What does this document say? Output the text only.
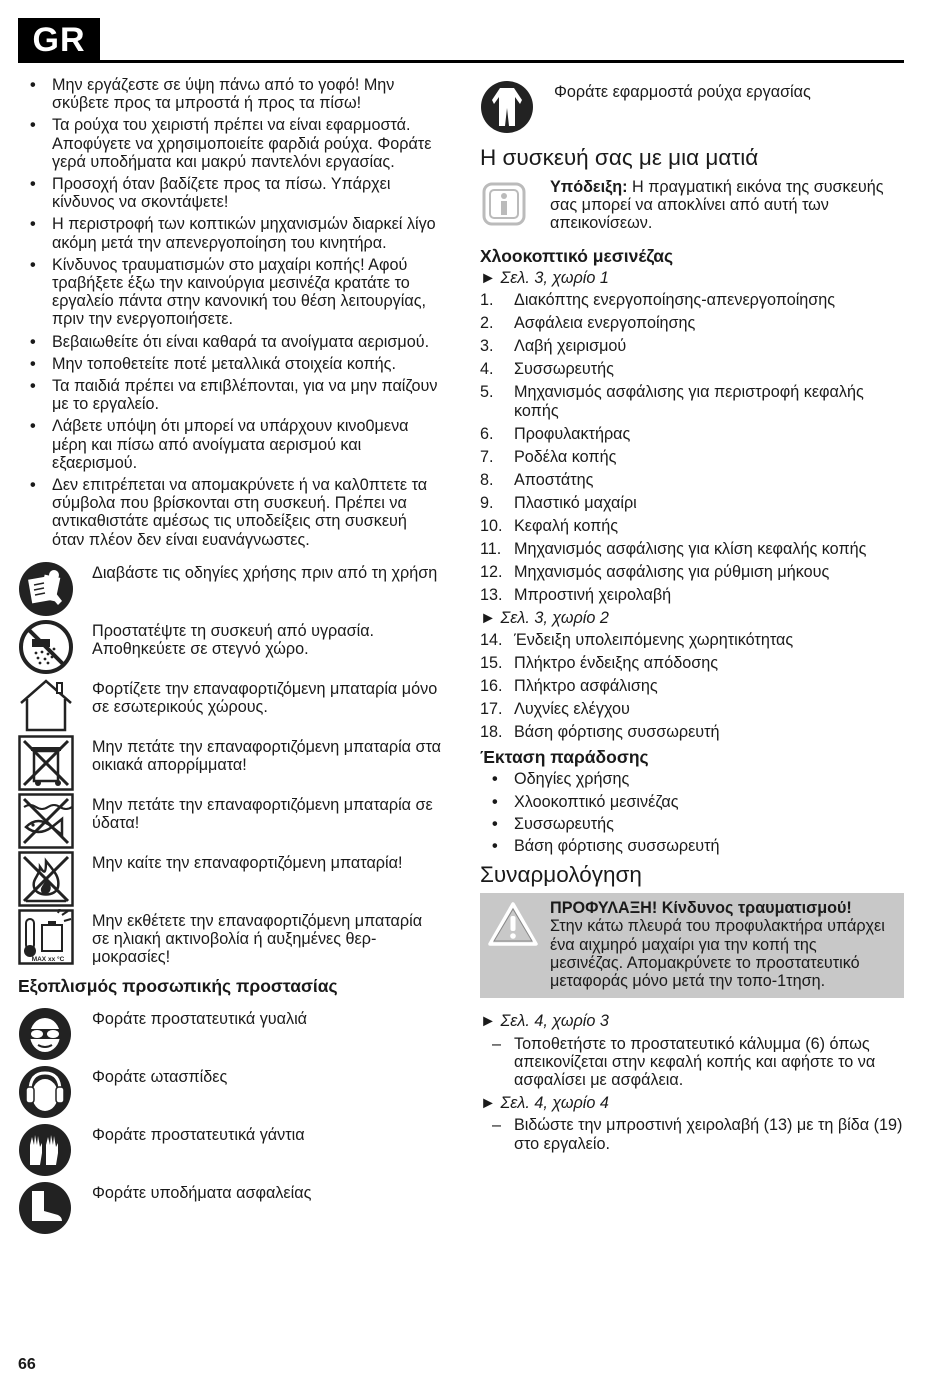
GR
• Μην εργάζεστε σε ύψη πάνω από το γοφό! Μην σκύβετε προς τα μπροστά ή προς τα πίσω!
• Τα ρούχα του χειριστή πρέπει να είναι εφαρμοστά. Αποφύγετε να χρησιμοποιείτε φαρδιά ρούχα. Φοράτε γερά υποδήματα και μακρύ παντελόνι εργασίας.
• Προσοχή όταν βαδίζετε προς τα πίσω. Υπάρχει κίνδυνος να σκοντάψετε!
• Η περιστροφή των κοπτικών μηχανισμών διαρκεί λίγο ακόμη μετά την απενεργοποίηση του κινητήρα.
• Κίνδυνος τραυματισμών στο μαχαίρι κοπής! Αφού τραβήξετε έξω την καινούργια μεσινέζα κρατάτε το εργαλείο πάντα στην κανονική του θέση λειτουργίας, πριν την ενεργοποιήσετε.
• Βεβαιωθείτε ότι είναι καθαρά τα ανοίγματα αερισμού.
• Μην τοποθετείτε ποτέ μεταλλικά στοιχεία κοπής.
• Τα παιδιά πρέπει να επιβλέπονται, για να μην παίζουν με το εργαλείο.
• Λάβετε υπόψη ότι μπορεί να υπάρχουν κινο0μενα μέρη και πίσω από ανοίγματα αερισμού και εξαερισμού.
• Δεν επιτρέπεται να απομακρύνετε ή να καλ0πτετε τα σύμβολα που βρίσκονται στη συσκευή. Πρέπει να αντικαθιστάτε αμέσως τις υποδείξεις στη συσκευή όταν πλέον δεν είναι ευανάγνωστες.
Διαβάστε τις οδηγίες χρήσης πριν από τη χρήση
Προστατέψτε τη συσκευή από υγρασία. Αποθηκεύετε σε στεγνό χώρο.
Φορτίζετε την επαναφορτιζόμενη μπαταρία μόνο σε εσωτερικούς χώρους.
Μην πετάτε την επαναφορτιζόμενη μπαταρία στα οικιακά απορρίμματα!
Μην πετάτε την επαναφορτιζόμενη μπαταρία σε ύδατα!
Μην καίτε την επαναφορτιζόμενη μπαταρία!
MAX xx °C
Μην εκθέτετε την επαναφορτιζόμενη μπαταρία σε ηλιακή ακτινοβολία ή αυξημένες θερμοκρασίες!
Εξοπλισμός προσωπικής προστασίας
Φοράτε προστατευτικά γυαλιά
Φοράτε ωτασπίδες
Φοράτε προστατευτικά γάντια
Φοράτε υποδήματα ασφαλείας
Φοράτε εφαρμοστά ρούχα εργασίας
Η συσκευή σας με μια ματιά
Υπόδειξη: Η πραγματική εικόνα της συσκευής σας μπορεί να αποκλίνει από αυτή των απεικονίσεων.
Χλοοκοπτικό μεσινέζας
► Σελ. 3, χωρίο 1
1.	Διακόπτης ενεργοποίησης-απενεργοποίησης
2.	Ασφάλεια ενεργοποίησης
3.	Λαβή χειρισμού
4.	Συσσωρευτής
5.	Μηχανισμός ασφάλισης για περιστροφή κεφαλής κοπής
6.	Προφυλακτήρας
7.	Ροδέλα κοπής
8.	Αποστάτης
9.	Πλαστικό μαχαίρι
10. Κεφαλή κοπής
11. Μηχανισμός ασφάλισης για κλίση κεφαλής κοπής
12. Μηχανισμός ασφάλισης για ρύθμιση μήκους
13. Μπροστινή χειρολαβή
► Σελ. 3, χωρίο 2
14. Ένδειξη υπολειπόμενης χωρητικότητας
15. Πλήκτρο ένδειξης απόδοσης
16. Πλήκτρο ασφάλισης
17. Λυχνίες ελέγχου
18. Βάση φόρτισης συσσωρευτή
Έκταση παράδοσης
• Οδηγίες χρήσης
• Χλοοκοπτικό μεσινέζας
• Συσσωρευτής
• Βάση φόρτισης συσσωρευτή
Συναρμολόγηση
ΠΡΟΦΥΛΑΞΗ! Κίνδυνος τραυματισμού!
Στην κάτω πλευρά του προφυλακτήρα υπάρχει ένα αιχμηρό μαχαίρι για την κοπή της μεσινέζας. Απομακρύνετε το προστατευτικό μεταφοράς μόνο μετά την τοπο-1τηση.
► Σελ. 4, χωρίο 3
– Τοποθετήστε το προστατευτικό κάλυμμα (6) όπως απεικονίζεται στην κεφαλή κοπής και αφήστε το να ασφαλίσει με ασφάλεια.
► Σελ. 4, χωρίο 4
– Βιδώστε την μπροστινή χειρολαβή (13) με τη βίδα (19) στο εργαλείο.
66
